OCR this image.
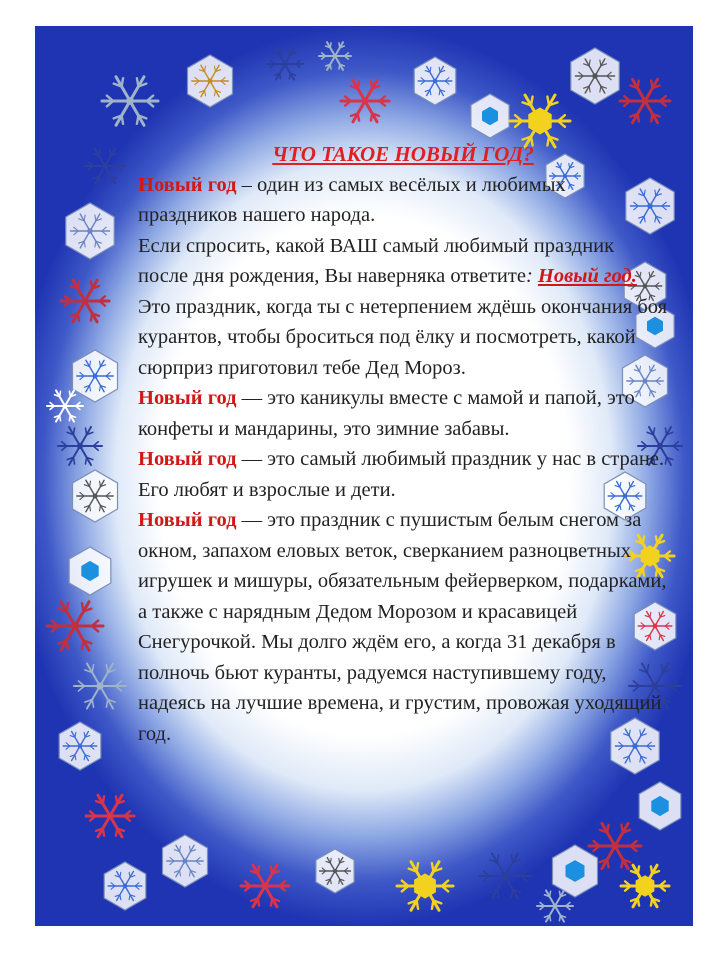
ЧТО ТАКОЕ НОВЫЙ ГОД?

Новый год – один из самых весёлых и любимых праздников нашего народа.

Если спросить, какой ВАШ самый любимый праздник после дня рождения, Вы наверняка ответите: Новый год.

Это праздник, когда ты с нетерпением ждёшь окончания боя курантов, чтобы броситься под ёлку и посмотреть, какой сюрприз приготовил тебе Дед Мороз.

Новый год — это каникулы вместе с мамой и папой, это конфеты и мандарины, это зимние забавы.

Новый год — это самый любимый праздник у нас в стране. Его любят и взрослые и дети.

Новый год — это праздник с пушистым белым снегом за окном, запахом еловых веток, сверканием разноцветных игрушек и мишуры, обязательным фейерверком, подарками, а также с нарядным Дедом Морозом и красавицей Снегурочкой. Мы долго ждём его, а когда 31 декабря в полночь бьют куранты, радуемся наступившему году, надеясь на лучшие времена, и грустим, провожая уходящий год.
